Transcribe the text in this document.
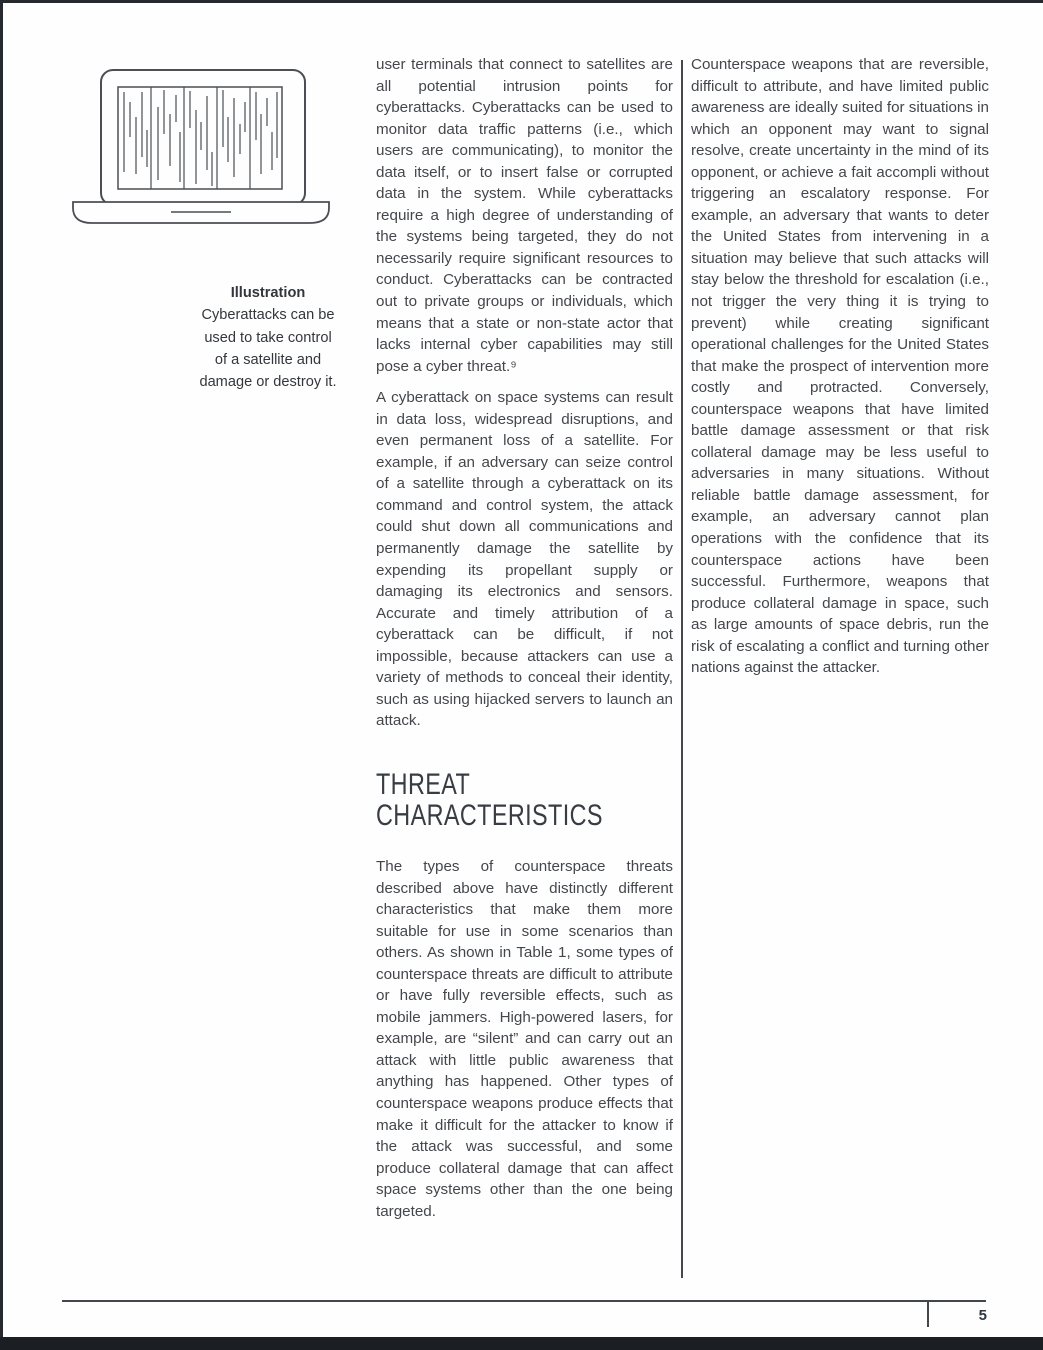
Illustration
Cyberattacks can be
used to take control
of a satellite and
damage or destroy it.

user terminals that connect to satellites are all potential intrusion points for cyberattacks. Cyberattacks can be used to monitor data traffic patterns (i.e., which users are communicating), to monitor the data itself, or to insert false or corrupted data in the system. While cyberattacks require a high degree of understanding of the systems being targeted, they do not necessarily require significant resources to conduct. Cyberattacks can be contracted out to private groups or individuals, which means that a state or non-state actor that lacks internal cyber capabilities may still pose a cyber threat.⁹

A cyberattack on space systems can result in data loss, widespread disruptions, and even permanent loss of a satellite. For example, if an adversary can seize control of a satellite through a cyberattack on its command and control system, the attack could shut down all communications and permanently damage the satellite by expending its propellant supply or damaging its electronics and sensors. Accurate and timely attribution of a cyberattack can be difficult, if not impossible, because attackers can use a variety of methods to conceal their identity, such as using hijacked servers to launch an attack.

THREAT CHARACTERISTICS

The types of counterspace threats described above have distinctly different characteristics that make them more suitable for use in some scenarios than others. As shown in Table 1, some types of counterspace threats are difficult to attribute or have fully reversible effects, such as mobile jammers. High-powered lasers, for example, are “silent” and can carry out an attack with little public awareness that anything has happened. Other types of counterspace weapons produce effects that make it difficult for the attacker to know if the attack was successful, and some produce collateral damage that can affect space systems other than the one being targeted.

Counterspace weapons that are reversible, difficult to attribute, and have limited public awareness are ideally suited for situations in which an opponent may want to signal resolve, create uncertainty in the mind of its opponent, or achieve a fait accompli without triggering an escalatory response. For example, an adversary that wants to deter the United States from intervening in a situation may believe that such attacks will stay below the threshold for escalation (i.e., not trigger the very thing it is trying to prevent) while creating significant operational challenges for the United States that make the prospect of intervention more costly and protracted. Conversely, counterspace weapons that have limited battle damage assessment or that risk collateral damage may be less useful to adversaries in many situations. Without reliable battle damage assessment, for example, an adversary cannot plan operations with the confidence that its counterspace actions have been successful. Furthermore, weapons that produce collateral damage in space, such as large amounts of space debris, run the risk of escalating a conflict and turning other nations against the attacker.

5
